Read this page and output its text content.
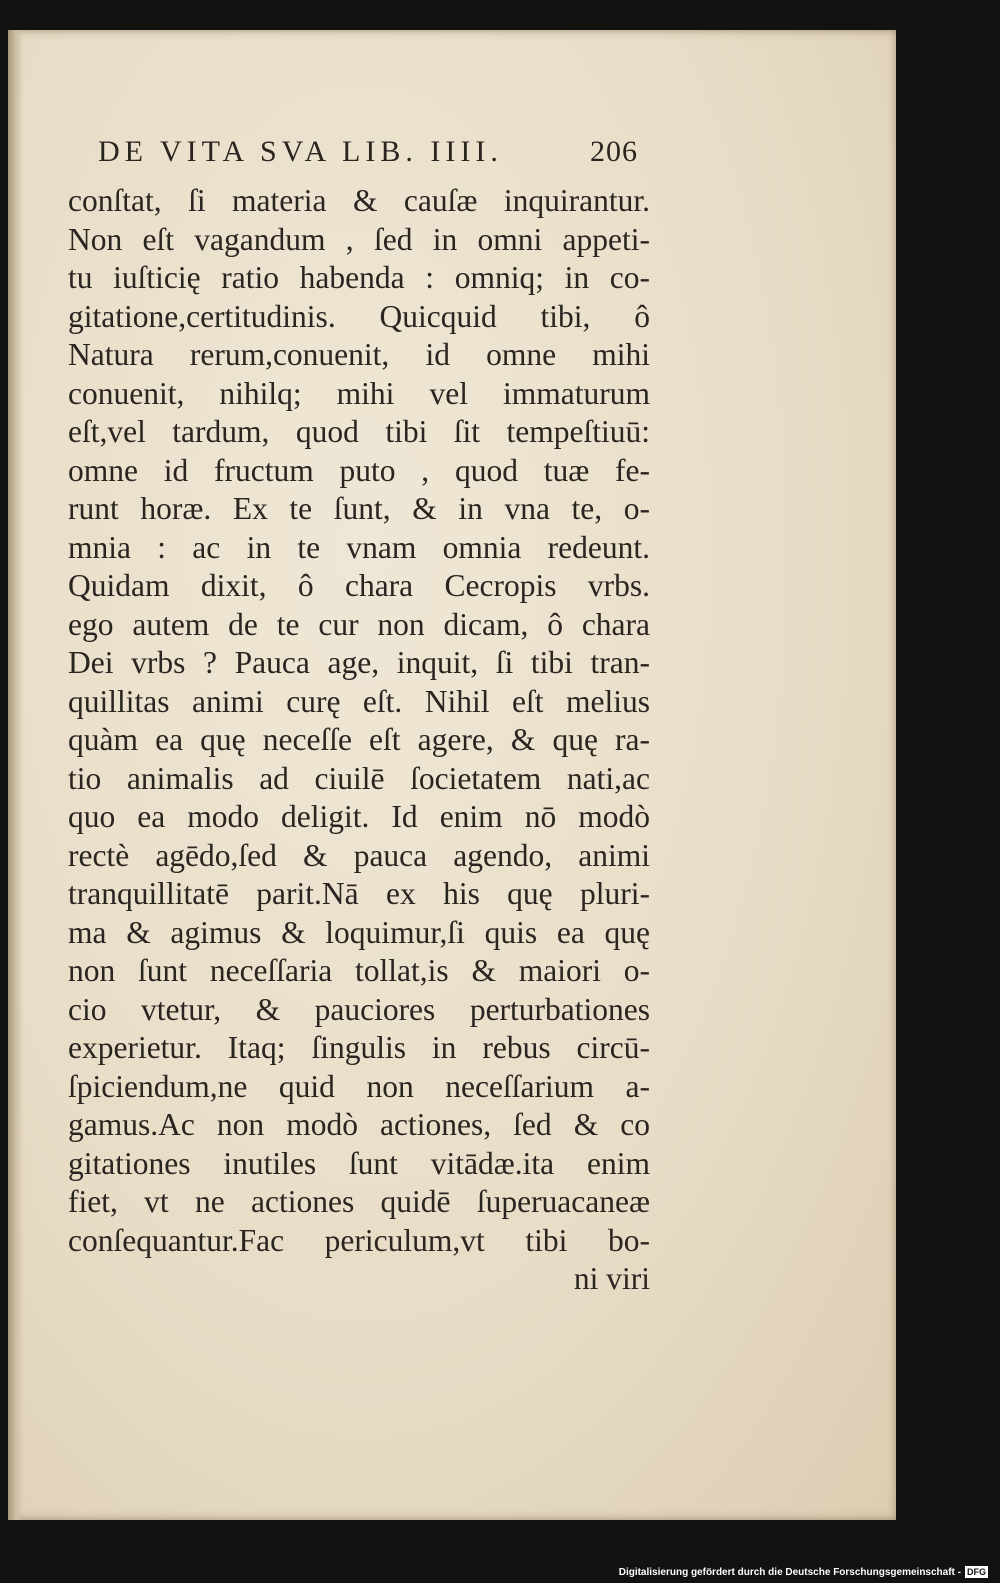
DE VITA SVA LIB. IIII.	206
conſtat, ſi materia & cauſæ inquirantur.
Non eſt vagandum , ſed in omni appeti-
tu iuſticię ratio habenda : omniq; in co-
gitatione,certitudinis. Quicquid tibi, ô
Natura rerum,conuenit, id omne mihi
conuenit, nihilq; mihi vel immaturum
eſt,vel tardum, quod tibi ſit tempeſtiuū:
omne id fructum puto , quod tuæ fe-
runt horæ. Ex te ſunt, & in vna te, o-
mnia : ac in te vnam omnia redeunt.
Quidam dixit, ô chara Cecropis vrbs.
ego autem de te cur non dicam, ô chara
Dei vrbs ? Pauca age, inquit, ſi tibi tran-
quillitas animi curę eſt. Nihil eſt melius
quàm ea quę neceſſe eſt agere, & quę ra-
tio animalis ad ciuilē ſocietatem nati,ac
quo ea modo deligit. Id enim nō modò
rectè agēdo,ſed & pauca agendo, animi
tranquillitatē parit.Nā ex his quę pluri-
ma & agimus & loquimur,ſi quis ea quę
non ſunt neceſſaria tollat,is & maiori o-
cio vtetur, & pauciores perturbationes
experietur. Itaq; ſingulis in rebus circū-
ſpiciendum,ne quid non neceſſarium a-
gamus.Ac non modò actiones, ſed & co
gitationes inutiles ſunt vitādæ.ita enim
fiet, vt ne actiones quidē ſuperuacaneæ
conſequantur.Fac periculum,vt tibi bo-
ni viri
Digitalisierung gefördert durch die Deutsche Forschungsgemeinschaft - DFG
